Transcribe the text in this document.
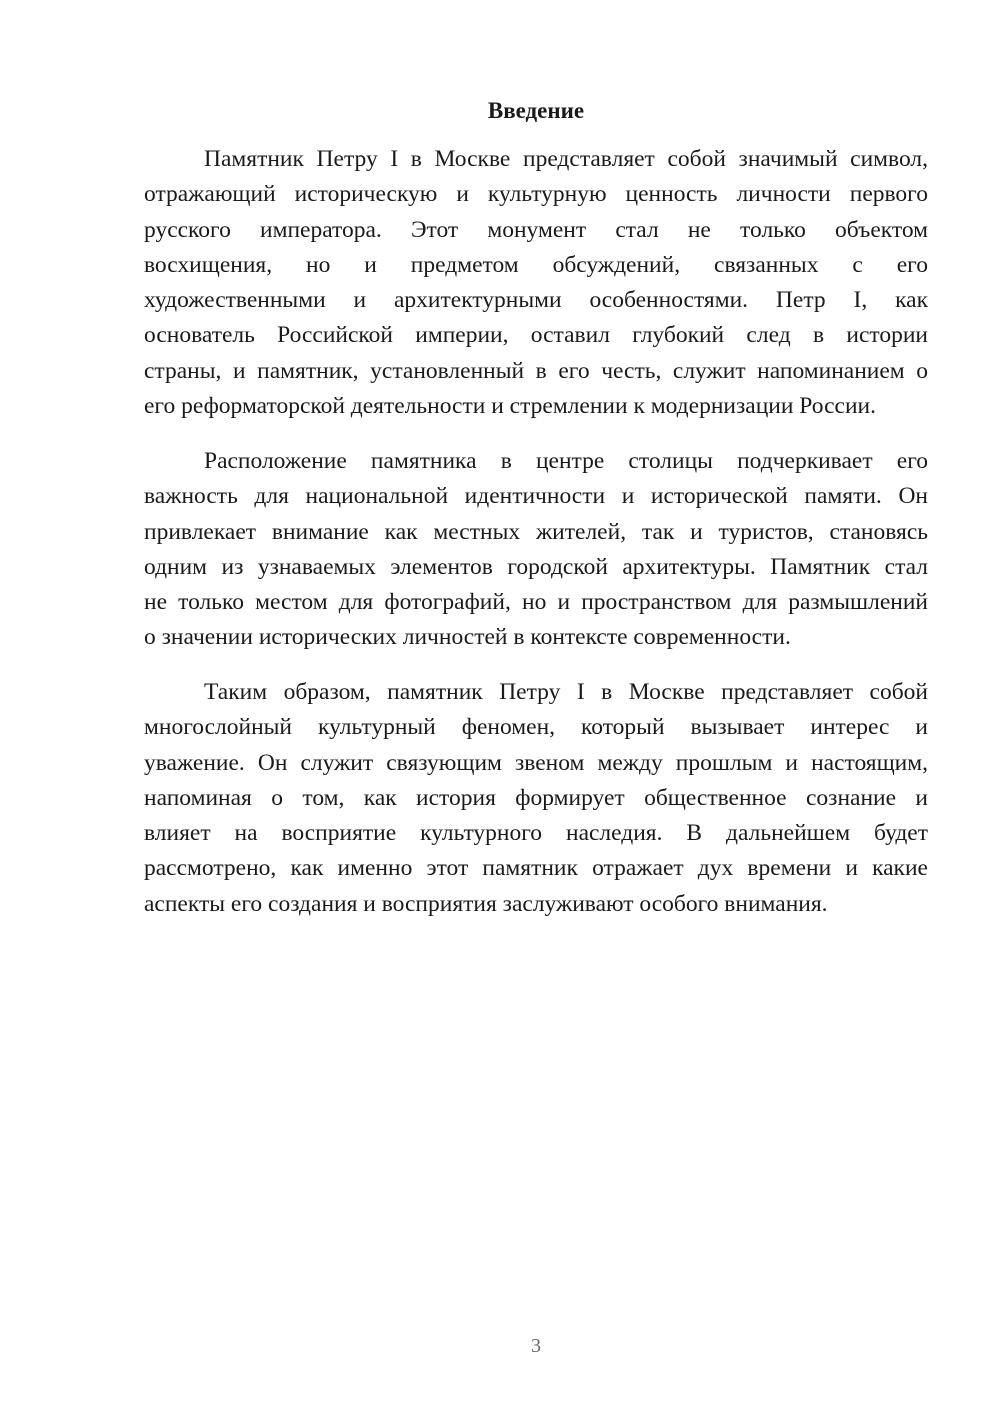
Введение

Памятник Петру I в Москве представляет собой значимый символ,
отражающий историческую и культурную ценность личности первого
русского императора. Этот монумент стал не только объектом
восхищения, но и предметом обсуждений, связанных с его
художественными и архитектурными особенностями. Петр I, как
основатель Российской империи, оставил глубокий след в истории
страны, и памятник, установленный в его честь, служит напоминанием о
его реформаторской деятельности и стремлении к модернизации России.

Расположение памятника в центре столицы подчеркивает его
важность для национальной идентичности и исторической памяти. Он
привлекает внимание как местных жителей, так и туристов, становясь
одним из узнаваемых элементов городской архитектуры. Памятник стал
не только местом для фотографий, но и пространством для размышлений
о значении исторических личностей в контексте современности.

Таким образом, памятник Петру I в Москве представляет собой
многослойный культурный феномен, который вызывает интерес и
уважение. Он служит связующим звеном между прошлым и настоящим,
напоминая о том, как история формирует общественное сознание и
влияет на восприятие культурного наследия. В дальнейшем будет
рассмотрено, как именно этот памятник отражает дух времени и какие
аспекты его создания и восприятия заслуживают особого внимания.

3
